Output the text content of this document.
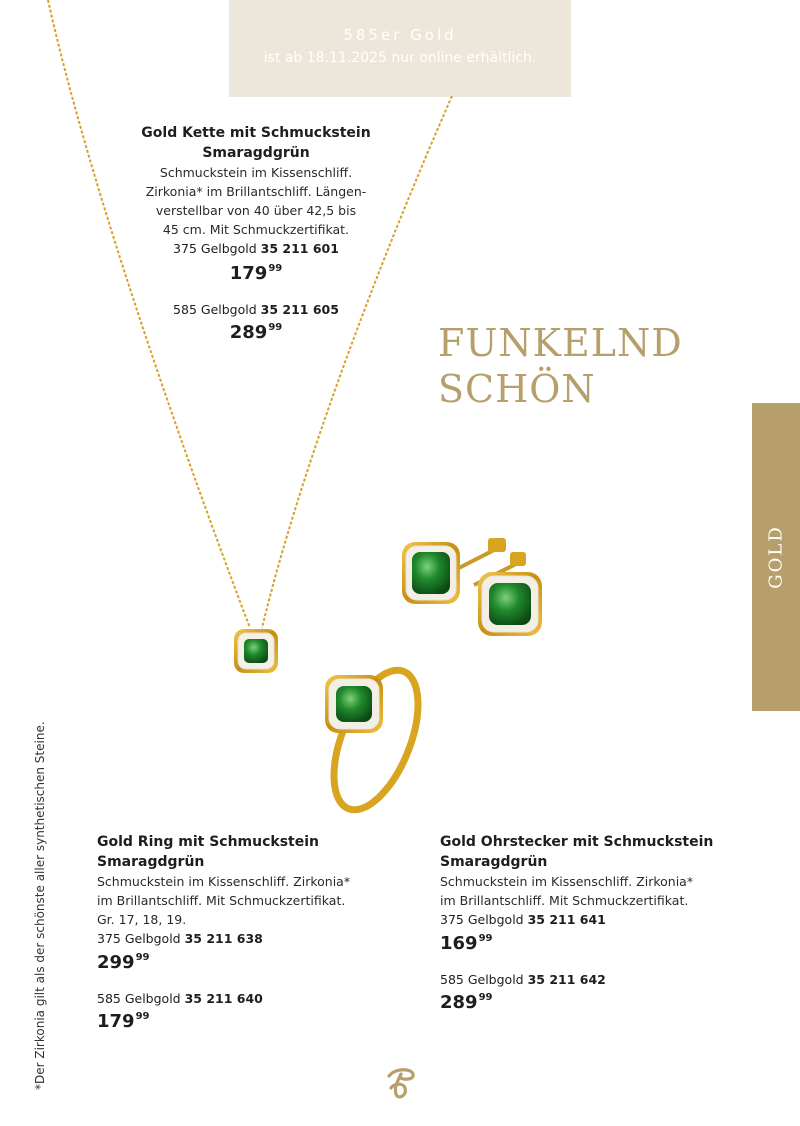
585er Gold
ist ab 18.11.2025 nur online erhältlich.
Gold Kette mit Schmuckstein Smaragdgrün
Schmuckstein im Kissenschliff.
Zirkonia* im Brillantschliff. Längen-
verstellbar von 40 über 42,5 bis
45 cm. Mit Schmuckzertifikat.
375 Gelbgold 35 211 601
$179^{99}$
585 Gelbgold 35 211 605
$289^{99}$	FUNKELND
SCHÖN
GOLD
*Der Zirkonia gilt als der schönste aller synthetischen Steine.	Gold Ring mit Schmuckstein
Smaragdgrün
Schmuckstein im Kissenschliff. Zirkonia*
im Brillantschliff. Mit Schmuckzertifikat.
Gr. 17, 18, 19.
375 Gelbgold 35 211 638
$299^{99}$
585 Gelbgold 35 211 640
$179^{99}$
Gold Ohrstecker mit Schmuckstein
Smaragdgrün
Schmuckstein im Kissenschliff. Zirkonia*
im Brillantschliff. Mit Schmuckzertifikat.
375 Gelbgold 35 211 641
$169^{99}$
585 Gelbgold 35 211 642
$289^{99}$
